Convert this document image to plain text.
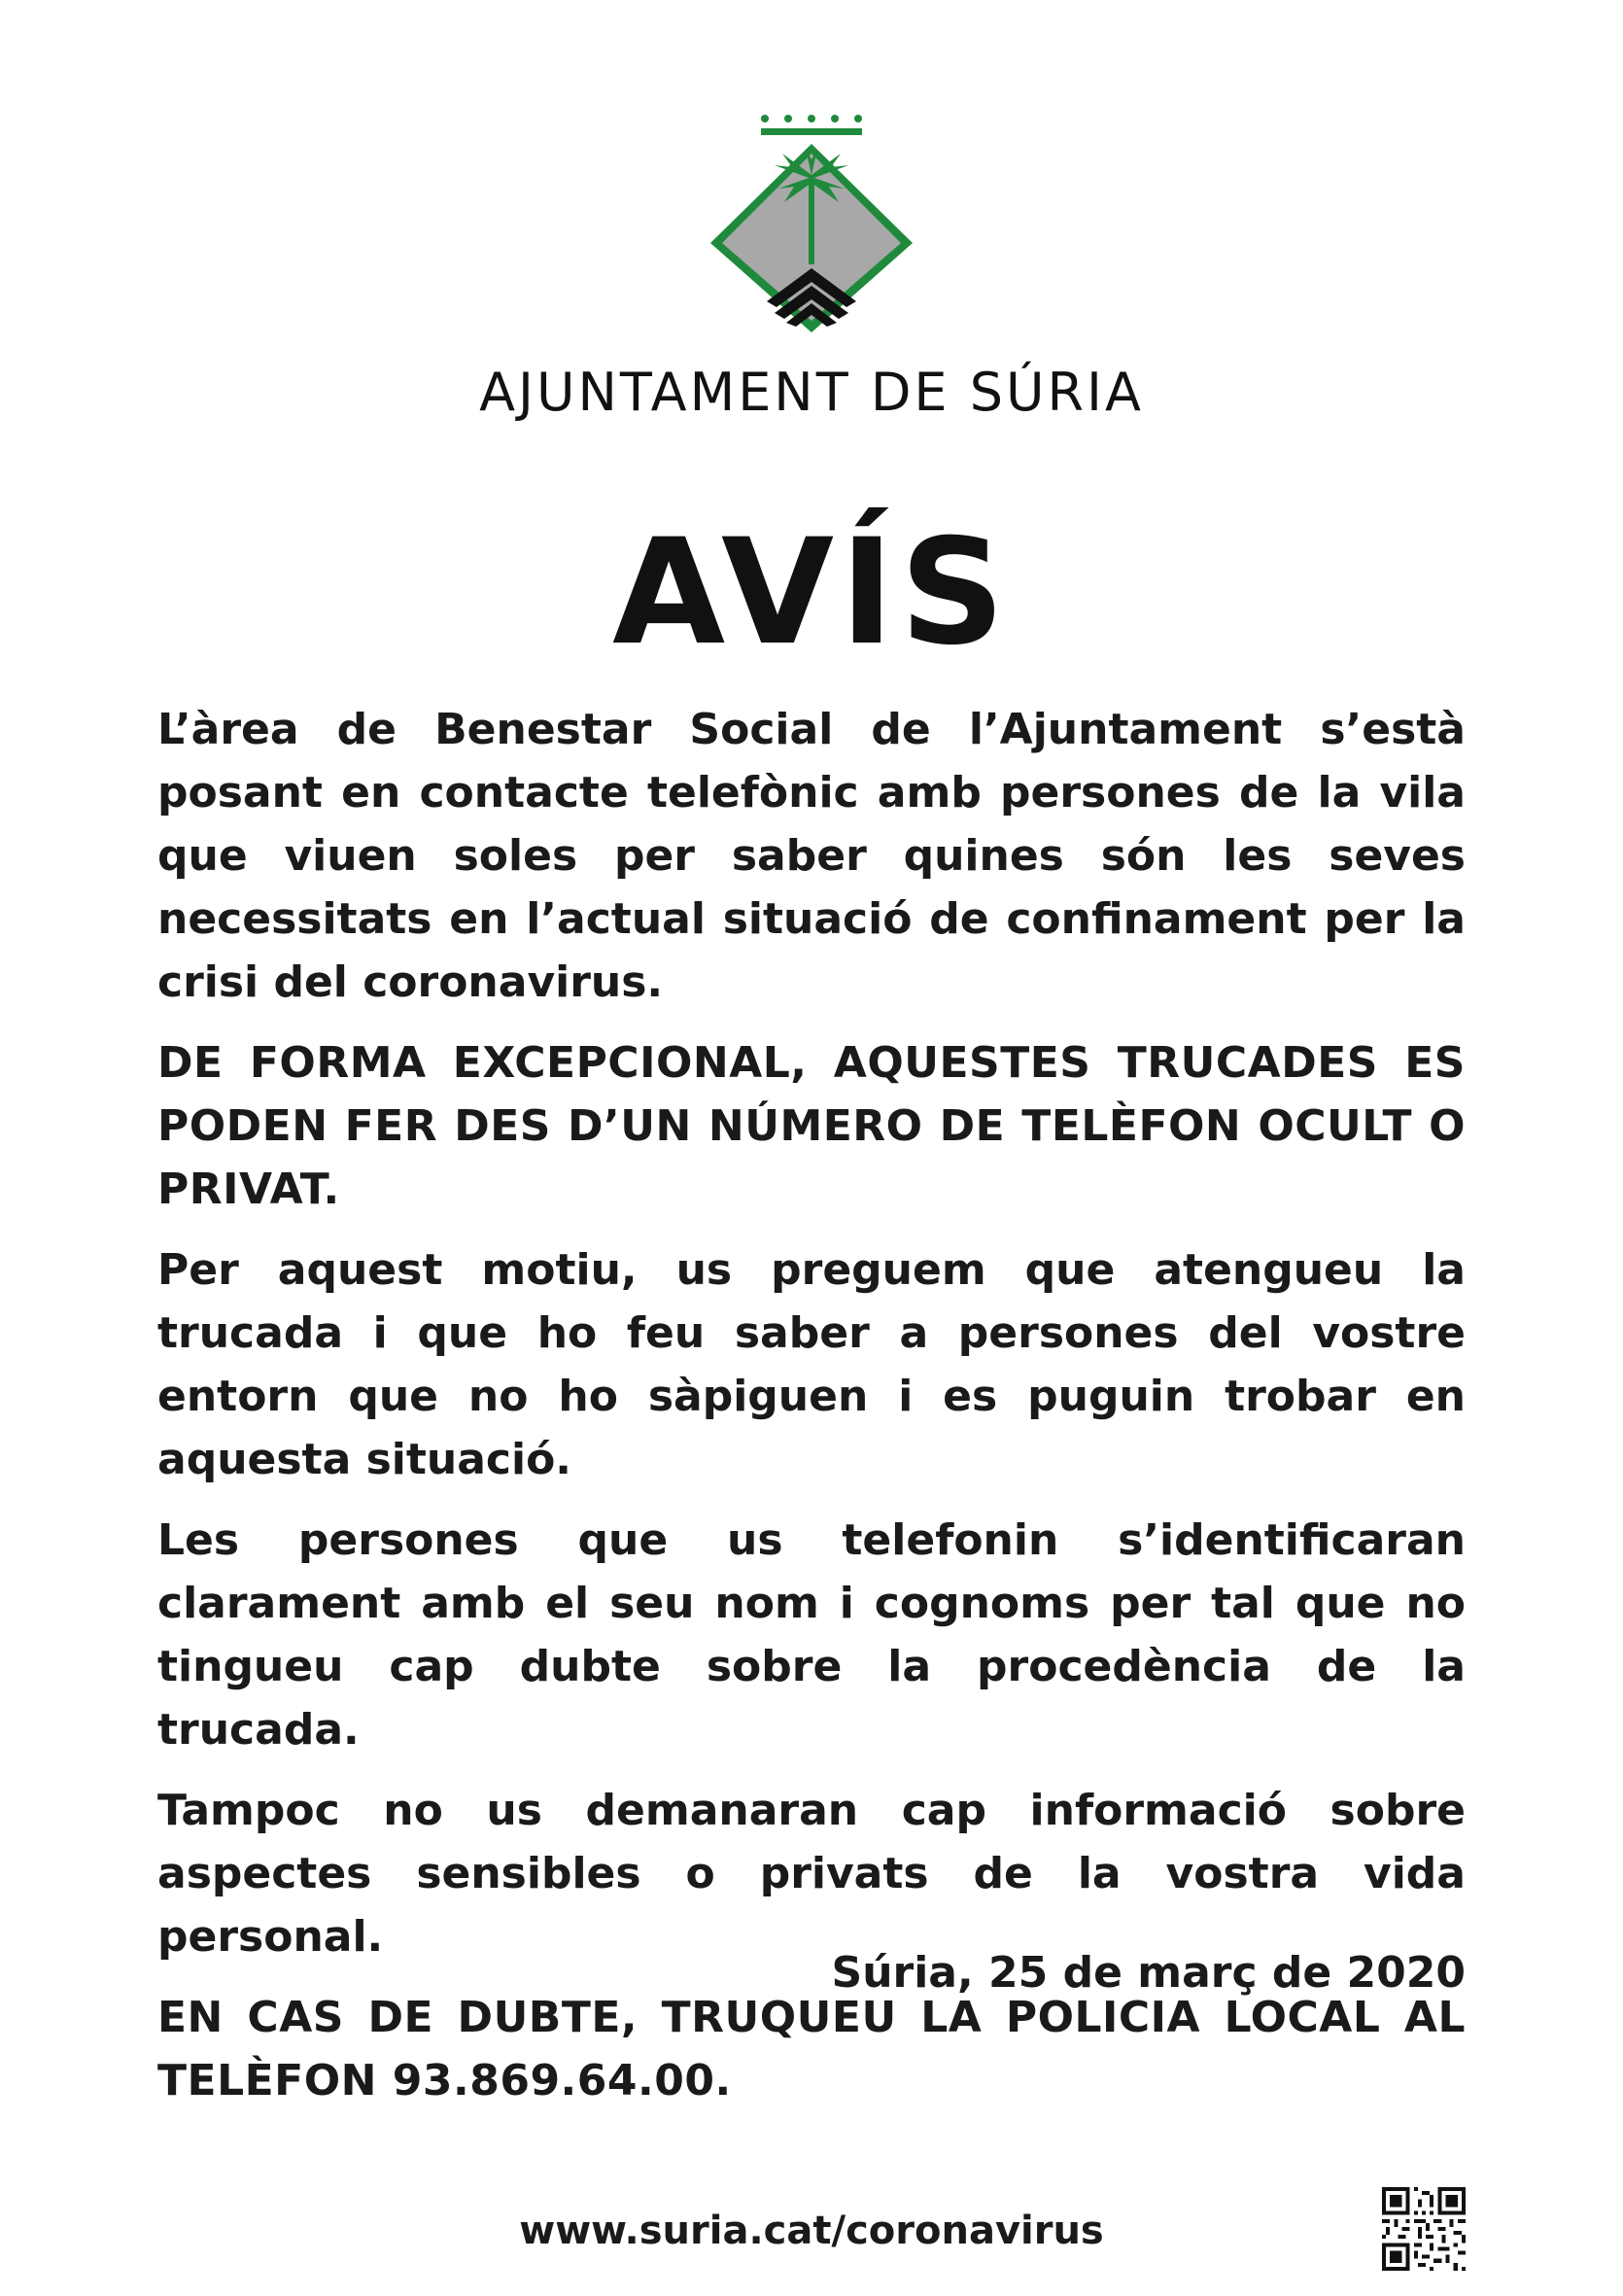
AJUNTAMENT DE SÚRIA
AVÍS

L’àrea de Benestar Social de l’Ajuntament s’està posant en contacte telefònic amb persones de la vila que viuen soles per saber quines són les seves necessitats en l’actual situació de confinament per la crisi del coronavirus.

DE FORMA EXCEPCIONAL, AQUESTES TRUCADES ES PODEN FER DES D’UN NÚMERO DE TELÈFON OCULT O PRIVAT.

Per aquest motiu, us preguem que atengueu la trucada i que ho feu saber a persones del vostre entorn que no ho sàpiguen i es puguin trobar en aquesta situació.

Les persones que us telefonin s’identificaran clarament amb el seu nom i cognoms per tal que no tingueu cap dubte sobre la procedència de la trucada.

Tampoc no us demanaran cap informació sobre aspectes sensibles o privats de la vostra vida personal.

EN CAS DE DUBTE, TRUQUEU LA POLICIA LOCAL AL TELÈFON 93.869.64.00.

Súria, 25 de març de 2020
www.suria.cat/coronavirus
